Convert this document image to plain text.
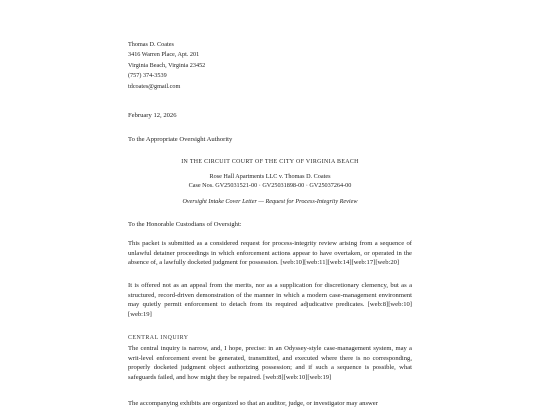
Thomas D. Coates
3416 Warren Place, Apt. 201
Virginia Beach, Virginia 23452
(757) 374-3539
tdcoates@gmail.com

February 12, 2026

To the Appropriate Oversight Authority

IN THE CIRCUIT COURT OF THE CITY OF VIRGINIA BEACH

Rose Hall Apartments LLC v. Thomas D. Coates

Case Nos. GV25031521-00 · GV25031898-00 · GV25037264-00

Oversight Intake Cover Letter — Request for Process-Integrity Review

To the Honorable Custodians of Oversight:

This packet is submitted as a considered request for process-integrity review arising from a sequence of unlawful detainer proceedings in which enforcement actions appear to have overtaken, or operated in the absence of, a lawfully docketed judgment for possession. [web:10][web:11][web:14][web:17][web:20]

It is offered not as an appeal from the merits, nor as a supplication for discretionary clemency, but as a structured, record-driven demonstration of the manner in which a modern case-management environment may quietly permit enforcement to detach from its required adjudicative predicates. [web:8][web:10][web:19]

CENTRAL INQUIRY

The central inquiry is narrow, and, I hope, precise: in an Odyssey-style case-management system, may a writ-level enforcement event be generated, transmitted, and executed where there is no corresponding, properly docketed judgment object authorizing possession; and if such a sequence is possible, what safeguards failed, and how might they be repaired. [web:8][web:10][web:19]

The accompanying exhibits are organized so that an auditor, judge, or investigator may answer
